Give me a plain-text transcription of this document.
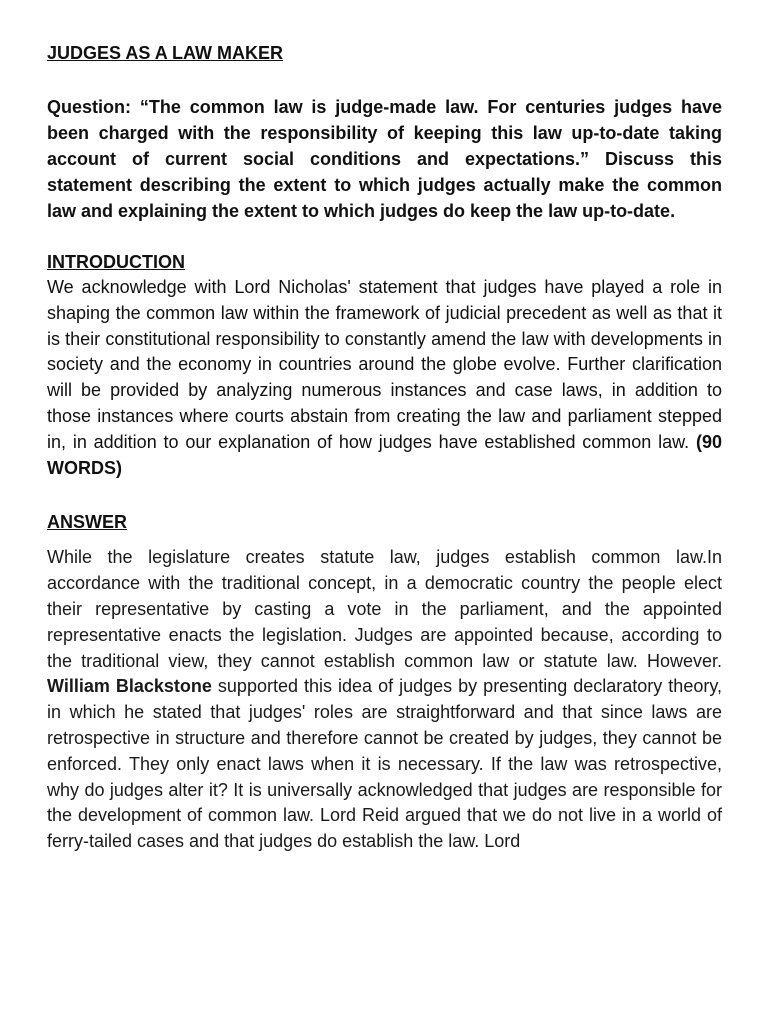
JUDGES AS A LAW MAKER

Question: “The common law is judge-made law. For centuries judges have been charged with the responsibility of keeping this law up-to-date taking account of current social conditions and expectations.” Discuss this statement describing the extent to which judges actually make the common law and explaining the extent to which judges do keep the law up-to-date.

INTRODUCTION

We acknowledge with Lord Nicholas' statement that judges have played a role in shaping the common law within the framework of judicial precedent as well as that it is their constitutional responsibility to constantly amend the law with developments in society and the economy in countries around the globe evolve. Further clarification will be provided by analyzing numerous instances and case laws, in addition to those instances where courts abstain from creating the law and parliament stepped in, in addition to our explanation of how judges have established common law. (90 WORDS)

ANSWER

While the legislature creates statute law, judges establish common law.In accordance with the traditional concept, in a democratic country the people elect their representative by casting a vote in the parliament, and the appointed representative enacts the legislation. Judges are appointed because, according to the traditional view, they cannot establish common law or statute law. However. William Blackstone supported this idea of judges by presenting declaratory theory, in which he stated that judges' roles are straightforward and that since laws are retrospective in structure and therefore cannot be created by judges, they cannot be enforced. They only enact laws when it is necessary. If the law was retrospective, why do judges alter it? It is universally acknowledged that judges are responsible for the development of common law. Lord Reid argued that we do not live in a world of ferry-tailed cases and that judges do establish the law. Lord
